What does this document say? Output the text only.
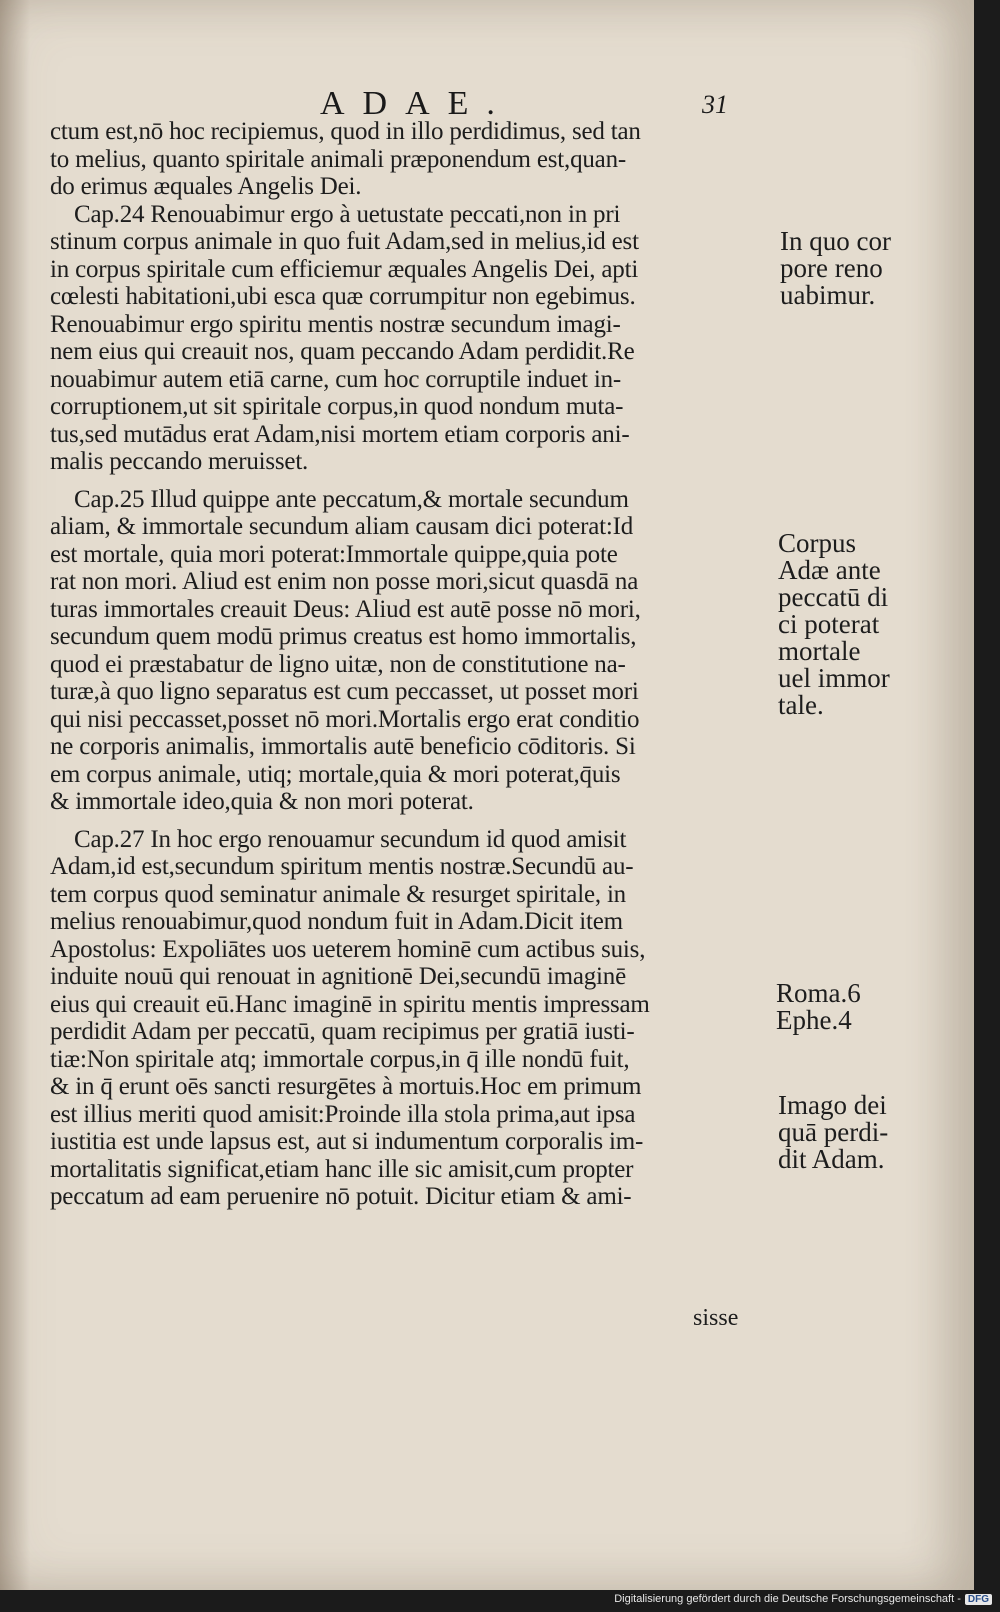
ADAE.	31
ctum est,nō hoc recipiemus, quod in illo perdidimus, sed tan
to melius, quanto spiritale animali præponendum est,quan-
do erimus æquales Angelis Dei.
Cap.24 Renouabimur ergo à uetustate peccati,non in pri
stinum corpus animale in quo fuit Adam,sed in melius,id est
in corpus spiritale cum efficiemur æquales Angelis Dei, apti
cœlesti habitationi,ubi esca quæ corrumpitur non egebimus.
Renouabimur ergo spiritu mentis nostræ secundum imagi-
nem eius qui creauit nos, quam peccando Adam perdidit.Re
nouabimur autem etiā carne, cum hoc corruptile induet in-
corruptionem,ut sit spiritale corpus,in quod nondum muta-
tus,sed mutādus erat Adam,nisi mortem etiam corporis ani-
malis peccando meruisset.
Cap.25 Illud quippe ante peccatum,& mortale secundum
aliam, & immortale secundum aliam causam dici poterat:Id
est mortale, quia mori poterat:Immortale quippe,quia pote
rat non mori. Aliud est enim non posse mori,sicut quasdā na
turas immortales creauit Deus: Aliud est autē posse nō mori,
secundum quem modū primus creatus est homo immortalis,
quod ei præstabatur de ligno uitæ, non de constitutione na-
turæ,à quo ligno separatus est cum peccasset, ut posset mori
qui nisi peccasset,posset nō mori.Mortalis ergo erat conditio
ne corporis animalis, immortalis autē beneficio cōditoris. Si
em corpus animale, utiq; mortale,quia & mori poterat,q̄uis
& immortale ideo,quia & non mori poterat.
Cap.27 In hoc ergo renouamur secundum id quod amisit
Adam,id est,secundum spiritum mentis nostræ.Secundū au-
tem corpus quod seminatur animale & resurget spiritale, in
melius renouabimur,quod nondum fuit in Adam.Dicit item
Apostolus: Expoliātes uos ueterem hominē cum actibus suis,
induite nouū qui renouat in agnitionē Dei,secundū imaginē
eius qui creauit eū.Hanc imaginē in spiritu mentis impressam
perdidit Adam per peccatū, quam recipimus per gratiā iusti-
tiæ:Non spiritale atq; immortale corpus,in q̄ ille nondū fuit,
& in q̄ erunt oēs sancti resurgētes à mortuis.Hoc em primum
est illius meriti quod amisit:Proinde illa stola prima,aut ipsa
iustitia est unde lapsus est, aut si indumentum corporalis im-
mortalitatis significat,etiam hanc ille sic amisit,cum propter
peccatum ad eam peruenire nō potuit. Dicitur etiam & ami-
In quo cor
pore reno
uabimur.
Corpus
Adæ ante
peccatū di
ci poterat
mortale
uel immor
tale.
Roma.6
Ephe.4
Imago dei
quā perdi-
dit Adam.
sisse
Digitalisierung gefördert durch die Deutsche Forschungsgemeinschaft - DFG
